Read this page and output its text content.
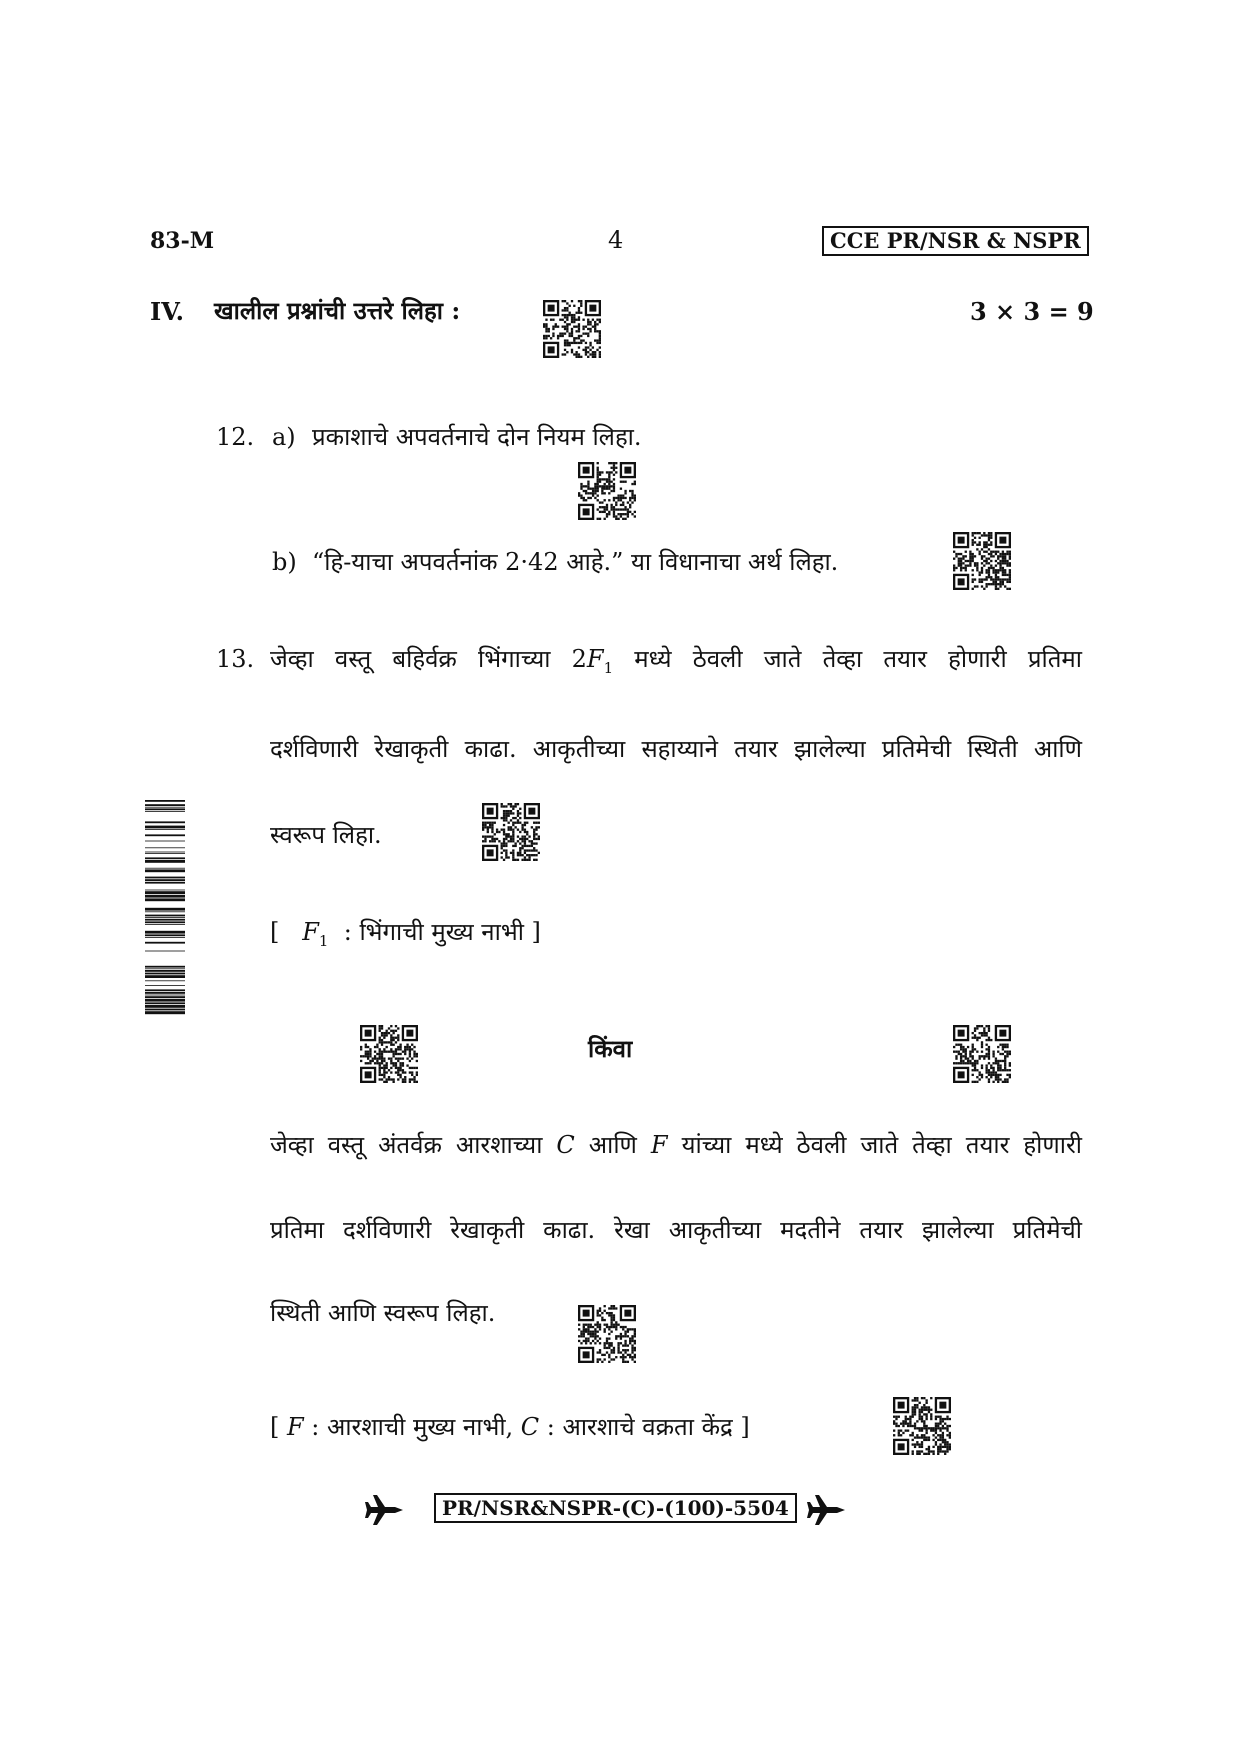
83-M	4	CCE PR/NSR & NSPR
IV. खालील प्रश्नांची उत्तरे लिहा :	3 × 3 = 9
12. a) प्रकाशाचे अपवर्तनाचे दोन नियम लिहा.
b) “हि-याचा अपवर्तनांक 2·42 आहे.” या विधानाचा अर्थ लिहा.
13. जेव्हा वस्तू बहिर्वक्र भिंगाच्या $2F_1$ मध्ये ठेवली जाते तेव्हा तयार होणारी प्रतिमा
दर्शविणारी रेखाकृती काढा. आकृतीच्या सहाय्याने तयार झालेल्या प्रतिमेची स्थिती आणि
स्वरूप लिहा.
[ $F_1$ : भिंगाची मुख्य नाभी ]
किंवा
जेव्हा वस्तू अंतर्वक्र आरशाच्या C आणि F यांच्या मध्ये ठेवली जाते तेव्हा तयार होणारी
प्रतिमा दर्शविणारी रेखाकृती काढा. रेखा आकृतीच्या मदतीने तयार झालेल्या प्रतिमेची
स्थिती आणि स्वरूप लिहा.
[ F : आरशाची मुख्य नाभी, C : आरशाचे वक्रता केंद्र ]
PR/NSR&NSPR-(C)-(100)-5504
